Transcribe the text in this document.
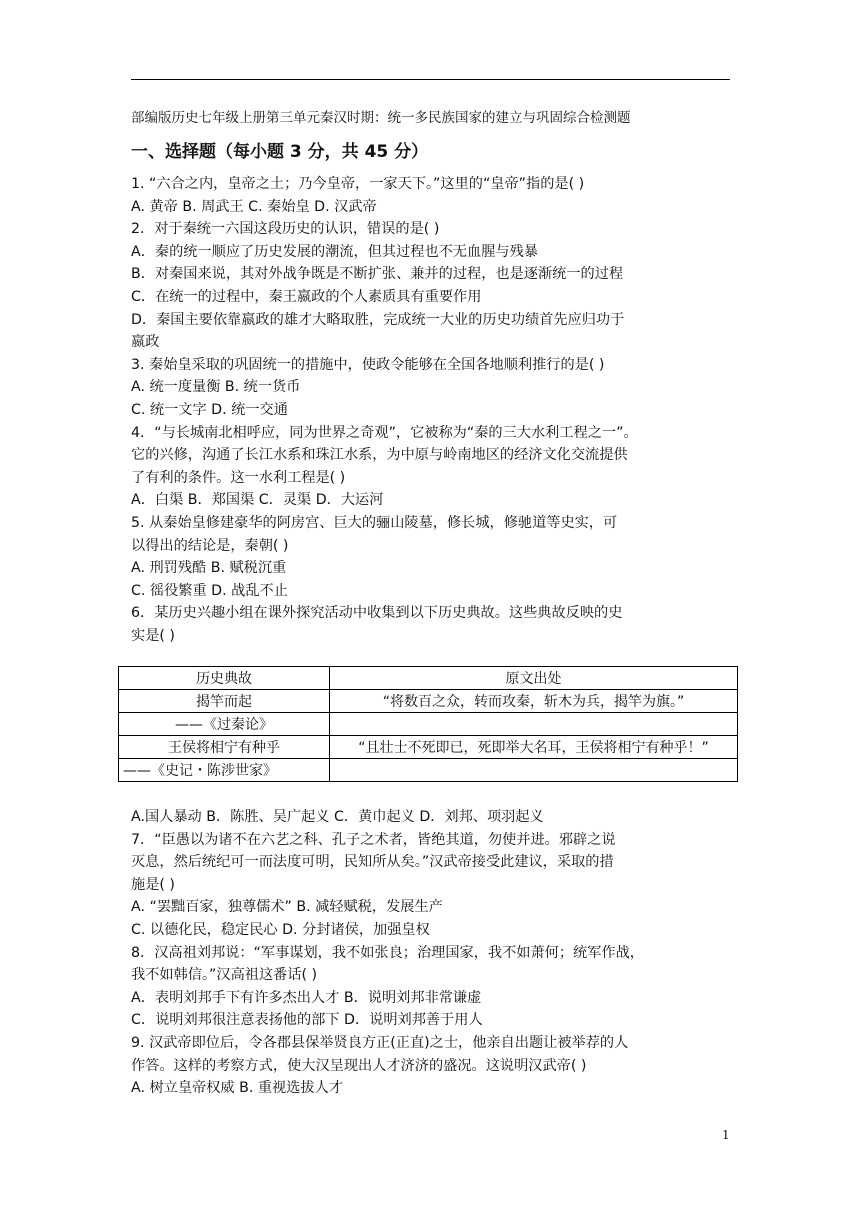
部编版历史七年级上册第三单元秦汉时期：统一多民族国家的建立与巩固综合检测题
一、选择题（每小题 3 分，共 45 分）
1. “六合之内，皇帝之土；乃今皇帝，一家天下。”这里的“皇帝”指的是( )
A. 黄帝 B. 周武王 C. 秦始皇 D. 汉武帝
2．对于秦统一六国这段历史的认识，错误的是( )
A．秦的统一顺应了历史发展的潮流，但其过程也不无血腥与残暴
B．对秦国来说，其对外战争既是不断扩张、兼并的过程，也是逐渐统一的过程
C．在统一的过程中，秦王嬴政的个人素质具有重要作用
D．秦国主要依靠嬴政的雄才大略取胜，完成统一大业的历史功绩首先应归功于
嬴政
3. 秦始皇采取的巩固统一的措施中，使政令能够在全国各地顺利推行的是( )
A. 统一度量衡 B. 统一货币
C. 统一文字 D. 统一交通
4．“与长城南北相呼应，同为世界之奇观”，它被称为“秦的三大水利工程之一”。
它的兴修，沟通了长江水系和珠江水系，为中原与岭南地区的经济文化交流提供
了有利的条件。这一水利工程是( )
A．白渠 B．郑国渠 C．灵渠 D．大运河
5. 从秦始皇修建豪华的阿房宫、巨大的骊山陵墓，修长城，修驰道等史实，可
以得出的结论是，秦朝( )
A. 刑罚残酷 B. 赋税沉重
C. 徭役繁重 D. 战乱不止
6．某历史兴趣小组在课外探究活动中收集到以下历史典故。这些典故反映的史
实是( )
历史典故	原文出处
揭竿而起	“将数百之众，转而攻秦，斩木为兵，揭竿为旗。”
——《过秦论》	
王侯将相宁有种乎	“且壮士不死即已，死即举大名耳，王侯将相宁有种乎！”
——《史记・陈涉世家》	
A.国人暴动 B．陈胜、吴广起义 C．黄巾起义 D．刘邦、项羽起义
7．“臣愚以为诸不在六艺之科、孔子之术者，皆绝其道，勿使并进。邪辟之说
灭息，然后统纪可一而法度可明，民知所从矣。”汉武帝接受此建议，采取的措
施是( )
A. “罢黜百家，独尊儒术” B. 减轻赋税，发展生产
C. 以德化民，稳定民心 D. 分封诸侯，加强皇权
8．汉高祖刘邦说：“军事谋划，我不如张良；治理国家，我不如萧何；统军作战，
我不如韩信。”汉高祖这番话( )
A．表明刘邦手下有许多杰出人才 B．说明刘邦非常谦虚
C．说明刘邦很注意表扬他的部下 D．说明刘邦善于用人
9. 汉武帝即位后，令各郡县保举贤良方正(正直)之士，他亲自出题让被举荐的人
作答。这样的考察方式，使大汉呈现出人才济济的盛况。这说明汉武帝( )
A. 树立皇帝权威 B. 重视选拔人才
1
